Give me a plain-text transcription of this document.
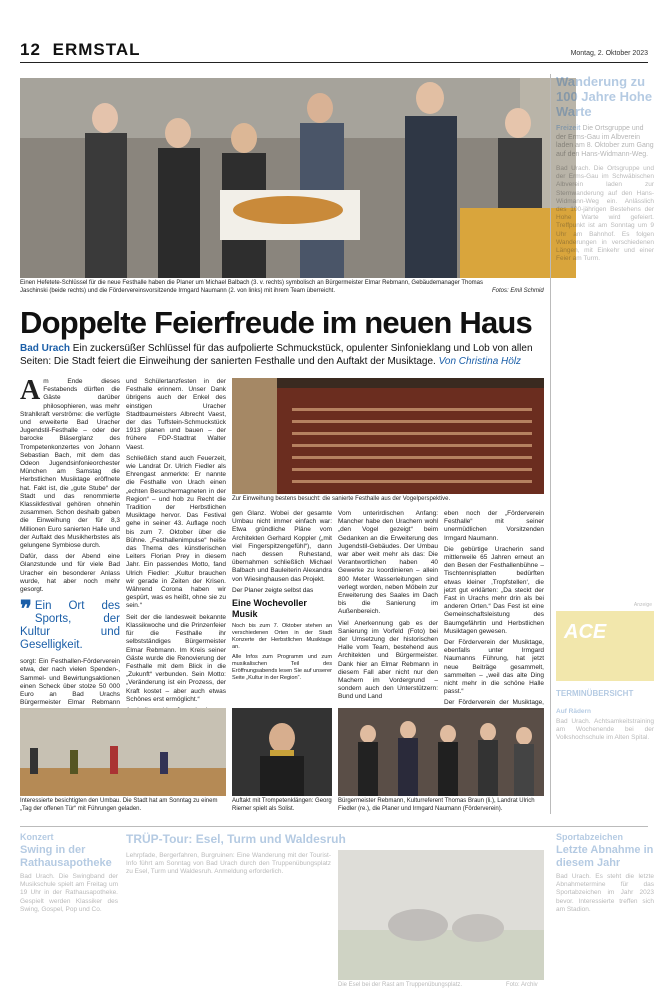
12 ERMSTAL	Montag, 2. Oktober 2023
Einen Hefetete-Schlüssel für die neue Festhalle haben die Planer um Michael Balbach (3. v. rechts) symbolisch an Bürgermeister Elmar Rebmann, Gebäudemanager Thomas Jaschinski (beide rechts) und die Fördervereinsvorsitzende Irmgard Naumann (2. von links) mit ihrem Team überreicht.	Fotos: Emil Schmid
Doppelte Feierfreude im neuen Haus
Bad Urach Ein zuckersüßer Schlüssel für das aufpolierte Schmuckstück, opulenter Sinfonieklang und Lob von allen Seiten: Die Stadt feiert die Einweihung der sanierten Festhalle und den Auftakt der Musiktage. Von Christina Hölz

Am Ende dieses Festabends dürften die Gäste darüber philosophieren, was mehr Strahlkraft verströme: die verfügte und erweiterte Bad Uracher Jugendstil-Festhalle – oder der barocke Bläserglanz des Trompetenkonzertes von Johann Sebastian Bach, mit dem das Odeon Jugendsinfonieorchester München am Samstag die Herbstlichen Musiktage eröffnete hat. Fakt ist, die „gute Stube“ der Stadt und das renommierte Klassikfestival gehören ohnehin zusammen. Schon deshalb gaben die Einweihung der für 8,3 Millionen Euro sanierten Halle und der Auftakt des Musikherbstes als gelungene Symbiose durch.

Dafür, dass der Abend eine Glanzstunde und für viele Bad Uracher ein besonderer Anlass wurde, hat aber noch mehr gesorgt.

❞ Ein Ort des Sports, der Kultur und Geselligkeit.

sorgt: Ein Festhallen-Förderverein etwa, der nach vielen Spenden-, Sammel- und Bewirtungsaktionen einen Scheck über stolze 50 000 Euro an Bad Urachs Bürgermeister Elmar Rebmann

und Schülertanzfesten in der Festhalle erinnern. Unser Dank übrigens auch der Enkel des einstigen Uracher Stadtbaumeisters Albrecht Vaest, der das Tuffstein-Schmuckstück 1913 planen und bauen – der frühere FDP-Stadtrat Walter Vaest.

Schließlich stand auch Feuerzeit, wie Landrat Dr. Ulrich Fiedler als Ehrengast anmerkte: Er nannte die Festhalle von Urach einen „echten Besuchermagneten in der Region“ – und hob zu Recht die Tradition der Herbstlichen Musiktage hervor. Das Festival gehe in seiner 43. Auflage noch bis zum 7. Oktober über die Bühne. „Festhallenimpulse“ heiße das Thema des künstlerischen Leiters Florian Prey in diesem Jahr. Ein passendes Motto, fand Ulrich Fiedler: „Kultur brauchen wir gerade in Zeiten der Krisen. Während Corona haben wir gespürt, was es heißt, ohne sie zu sein.“

Seit der die landesweit bekannte Klassikwoche und die Prinzenfeier für die Festhalle ihr selbstständiges Bürgermeister Elmar Rebmann. Im Kreis seiner Gäste wurde die Renovierung der Festhalle mit dem Blick in die „Zukunft“ verbunden. Sein Motto: „Veränderung ist ein Prozess, der Kraft kostet – aber auch etwas Schönes erst ermöglicht.“

Zur Einweihung bestens besucht: die sanierte Festhalle aus der Vogelperspektive.

gen Glanz. Wobei der gesamte Umbau nicht immer einfach war: Etwa gründliche Pläne vom Architekten Gerhard Koppler („mit viel Fingerspitzengefühl“), dann nach dessen Ruhestand, übernahmen schließlich Michael Balbach und Bauleiterin Alexandra von Wiesinghausen das Projekt.

Der Planer zeigte selbst das

Eine Wochevoller Musik

Noch bis zum 7. Oktober stehen an verschiedenen Orten in der Stadt Konzerte der Herbstlichen Musiktage an.

Alle Infos zum Programm und zum musikalischen Teil des Eröffnungsabends lesen Sie auf unserer Seite „Kultur in der Region“.

Vom unterirdischen Anfang: Mancher habe den Urachern wohl „den Vogel gezeigt“ beim Gedanken an die Erweiterung des Jugendstil-Gebäudes. Der Umbau war aber weit mehr als das: Die Verantwortlichen haben 40 Gewerke zu koordinieren – allein 800 Meter Wasserleitungen sind verlegt worden, neben Möbeln zur Erweiterung des Saales im Dach bis die Sanierung im Außenbereich.

Viel Anerkennung gab es der Sanierung im Vorfeld (Foto) bei der Umsetzung der historischen Halle vom Team, bestehend aus Architekten und Bürgermeister. Dank hier an Elmar Rebmann in diesem Fall aber nicht nur den Machern im Vordergrund – sondern auch den Unterstützern: Bund und Land

eben noch der „Förderverein Festhalle“ mit seiner unermüdlichen Vorsitzenden Irmgard Naumann.

Die gebürtige Uracherin sand mittlerweile 65 Jahren erneut an den Besen der Festhallenbühne – Tischtennisplatten bedürften etwas kleiner ‚Tropfstellen‘, die jetzt gut erklärten: „Da steckt der Fast in Urachs mehr drin als bei anderen Orten.“ Das Fest ist eine Gemeinschaftsleistung des Baumgefährtin und Herbstlichen Musiktagen gewesen.

Der Förderverein der Musiktage, ebenfalls unter Irmgard Naumanns Führung, hat jetzt neue Beiträge gesammelt, sammelten – „weil das alte Ding nicht mehr in die schöne Halle passt.“

Der Förderverein der Musiktage,

Interessierte besichtigten den Umbau. Die Stadt hat am Sonntag zu einem „Tag der offenen Tür“ mit Führungen geladen.
Auftakt mit Trompetenklängen: Georg Riemer spielt als Solist.
Bürgermeister Rebmann, Kulturreferent Thomas Braun (li.), Landrat Ulrich Fiedler (re.), die Planer und Irmgard Naumann (Förderverein).
Wanderung zu 100 Jahre Hohe Warte
Freizeit Die Ortsgruppe und der Erms-Gau im Albverein laden am 8. Oktober zum Gang auf den Hans-Widmann-Weg.
Bad Urach. Die Ortsgruppe und der Erms-Gau im Schwäbischen Albverein laden zur Sternwanderung auf den Hans-Widmann-Weg ein. Anlässlich des 100-jährigen Bestehens der Hohe Warte wird gefeiert. Treffpunkt ist am Sonntag um 9 Uhr am Bahnhof. Es folgen Wanderungen in verschiedenen Längen, mit Einkehr und einer Feier am Turm.
ACE
Anzeige
TERMINÜBERSICHT
Auf Rädern
Bad Urach. Achtsamkeitstraining am Wochenende bei der Volkshochschule im Alten Spital.
Konzert
Swing in der Rathausapotheke
Bad Urach. Die Swingband der Musikschule spielt am Freitag um 19 Uhr in der Rathausapotheke. Gespielt werden Klassiker des Swing, Gospel, Pop und Co.
TRÜP-Tour: Esel, Turm und Waldesruh
Lehrpfade, Bergerfahren, Burgruinen: Eine Wanderung mit der Tourist-Info führt am Sonntag von Bad Urach durch den Truppenübungsplatz zu Esel, Turm und Waldesruh. Anmeldung erforderlich.
Die Esel bei der Rast am Truppenübungsplatz.	Foto: Archiv
Sportabzeichen
Letzte Abnahme in diesem Jahr
Bad Urach. Es steht die letzte Abnahmetermine für das Sportabzeichen im Jahr 2023 bevor. Interessierte treffen sich am Stadion.
